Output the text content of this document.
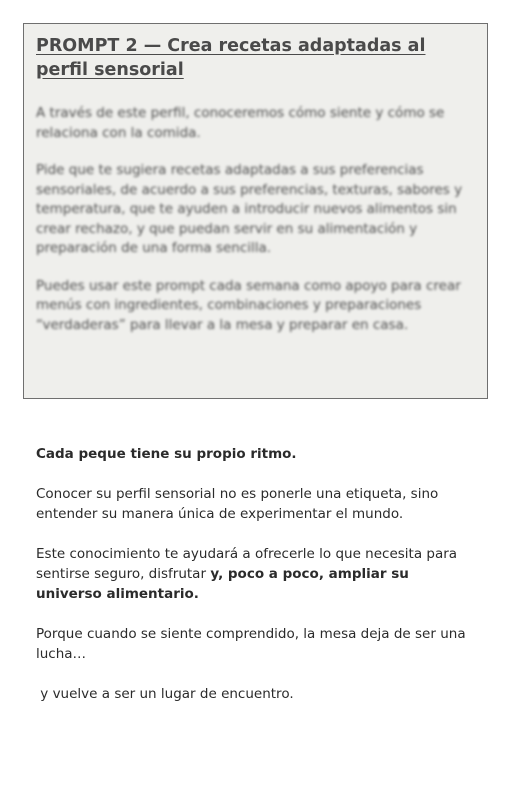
PROMPT 2 — Crea recetas adaptadas al perfil sensorial

A través de este perfil, conoceremos cómo siente y cómo se relaciona con la comida.

Pide que te sugiera recetas adaptadas a sus preferencias sensoriales, de acuerdo a sus preferencias, texturas, sabores y temperatura, que te ayuden a introducir nuevos alimentos sin crear rechazo, y que puedan servir en su alimentación y preparación de una forma sencilla.

Puedes usar este prompt cada semana como apoyo para crear menús con ingredientes, combinaciones y preparaciones “verdaderas” para llevar a la mesa y preparar en casa.

Cada peque tiene su propio ritmo.

Conocer su perfil sensorial no es ponerle una etiqueta, sino entender su manera única de experimentar el mundo.

Este conocimiento te ayudará a ofrecerle lo que necesita para sentirse seguro, disfrutar y, poco a poco, ampliar su universo alimentario.

Porque cuando se siente comprendido, la mesa deja de ser una lucha…

y vuelve a ser un lugar de encuentro.
